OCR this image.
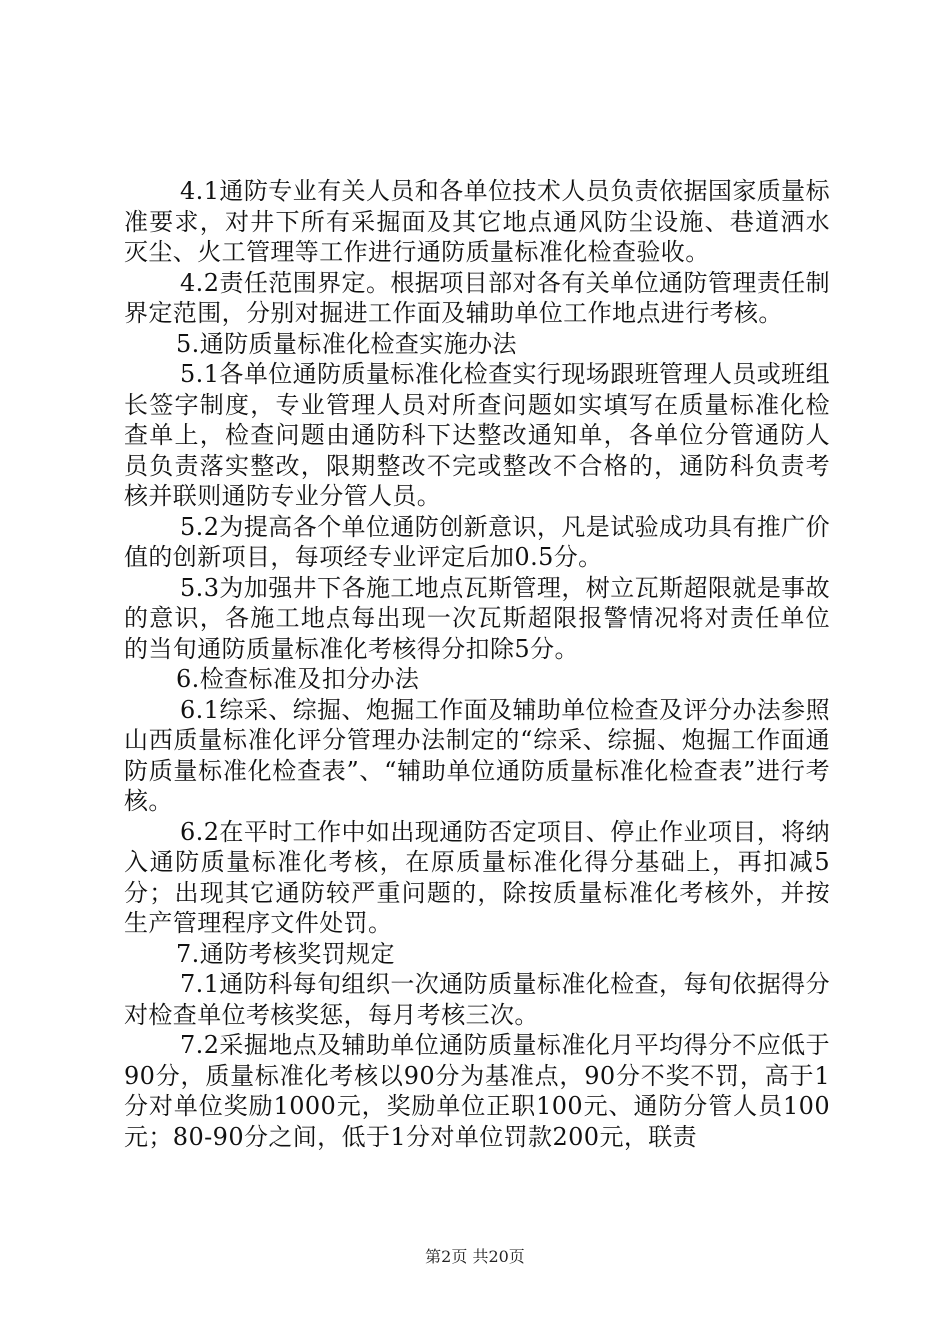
4.1通防专业有关人员和各单位技术人员负责依据国家质量标准要求，对井下所有采掘面及其它地点通风防尘设施、巷道洒水灭尘、火工管理等工作进行通防质量标准化检查验收。

4.2责任范围界定。根据项目部对各有关单位通防管理责任制界定范围，分别对掘进工作面及辅助单位工作地点进行考核。

5.通防质量标准化检查实施办法

5.1各单位通防质量标准化检查实行现场跟班管理人员或班组长签字制度，专业管理人员对所查问题如实填写在质量标准化检查单上，检查问题由通防科下达整改通知单，各单位分管通防人员负责落实整改，限期整改不完或整改不合格的，通防科负责考核并联则通防专业分管人员。

5.2为提高各个单位通防创新意识，凡是试验成功具有推广价值的创新项目，每项经专业评定后加0.5分。

5.3为加强井下各施工地点瓦斯管理，树立瓦斯超限就是事故的意识，各施工地点每出现一次瓦斯超限报警情况将对责任单位的当旬通防质量标准化考核得分扣除5分。

6.检查标准及扣分办法

6.1综采、综掘、炮掘工作面及辅助单位检查及评分办法参照山西质量标准化评分管理办法制定的“综采、综掘、炮掘工作面通防质量标准化检查表”、“辅助单位通防质量标准化检查表”进行考核。

6.2在平时工作中如出现通防否定项目、停止作业项目，将纳入通防质量标准化考核，在原质量标准化得分基础上，再扣减5分；出现其它通防较严重问题的，除按质量标准化考核外，并按生产管理程序文件处罚。

7.通防考核奖罚规定

7.1通防科每旬组织一次通防质量标准化检查，每旬依据得分对检查单位考核奖惩，每月考核三次。

7.2采掘地点及辅助单位通防质量标准化月平均得分不应低于90分，质量标准化考核以90分为基准点，90分不奖不罚，高于1分对单位奖励1000元，奖励单位正职100元、通防分管人员100元；80-90分之间，低于1分对单位罚款200元，联责

第2页 共20页
